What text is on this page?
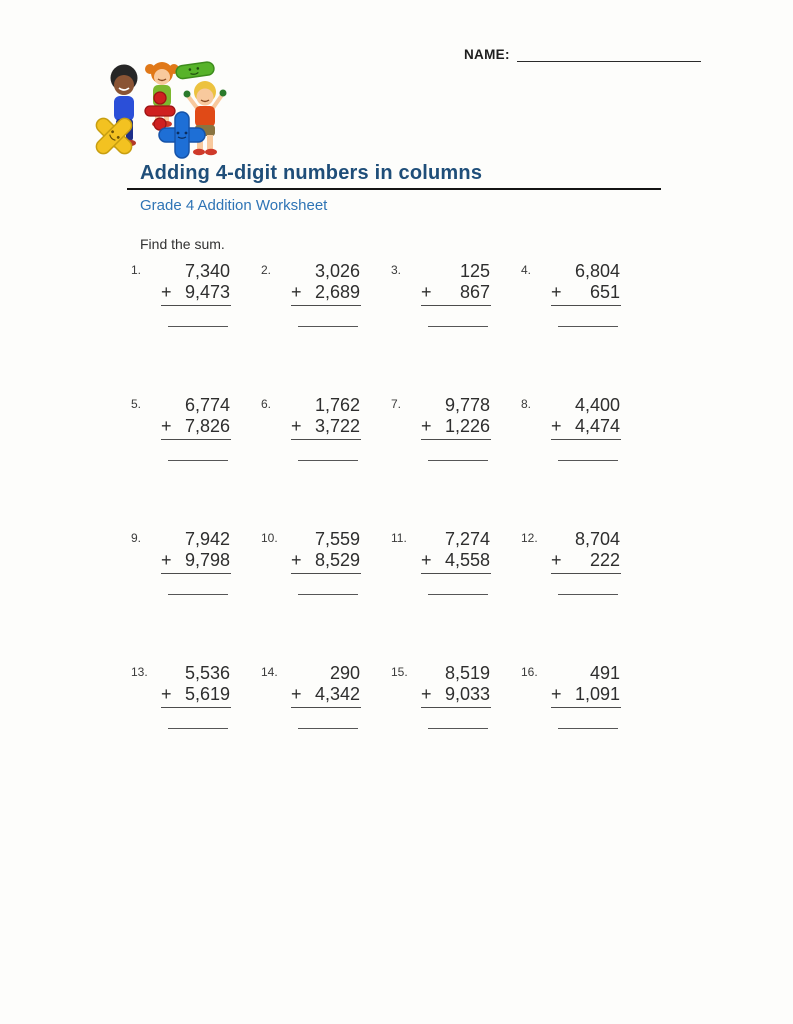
NAME:
Adding 4-digit numbers in columns
Grade 4 Addition Worksheet
Find the sum.
1.	7,340
+ 9,473
2.	3,026
+ 2,689
3.	125
+ 867
4.	6,804
+ 651
5.	6,774
+ 7,826
6.	1,762
+ 3,722
7.	9,778
+ 1,226
8.	4,400
+ 4,474
9.	7,942
+ 9,798
10.	7,559
+ 8,529
11.	7,274
+ 4,558
12.	8,704
+ 222
13.	5,536
+ 5,619
14.	290
+ 4,342
15.	8,519
+ 9,033
16.	491
+ 1,091
